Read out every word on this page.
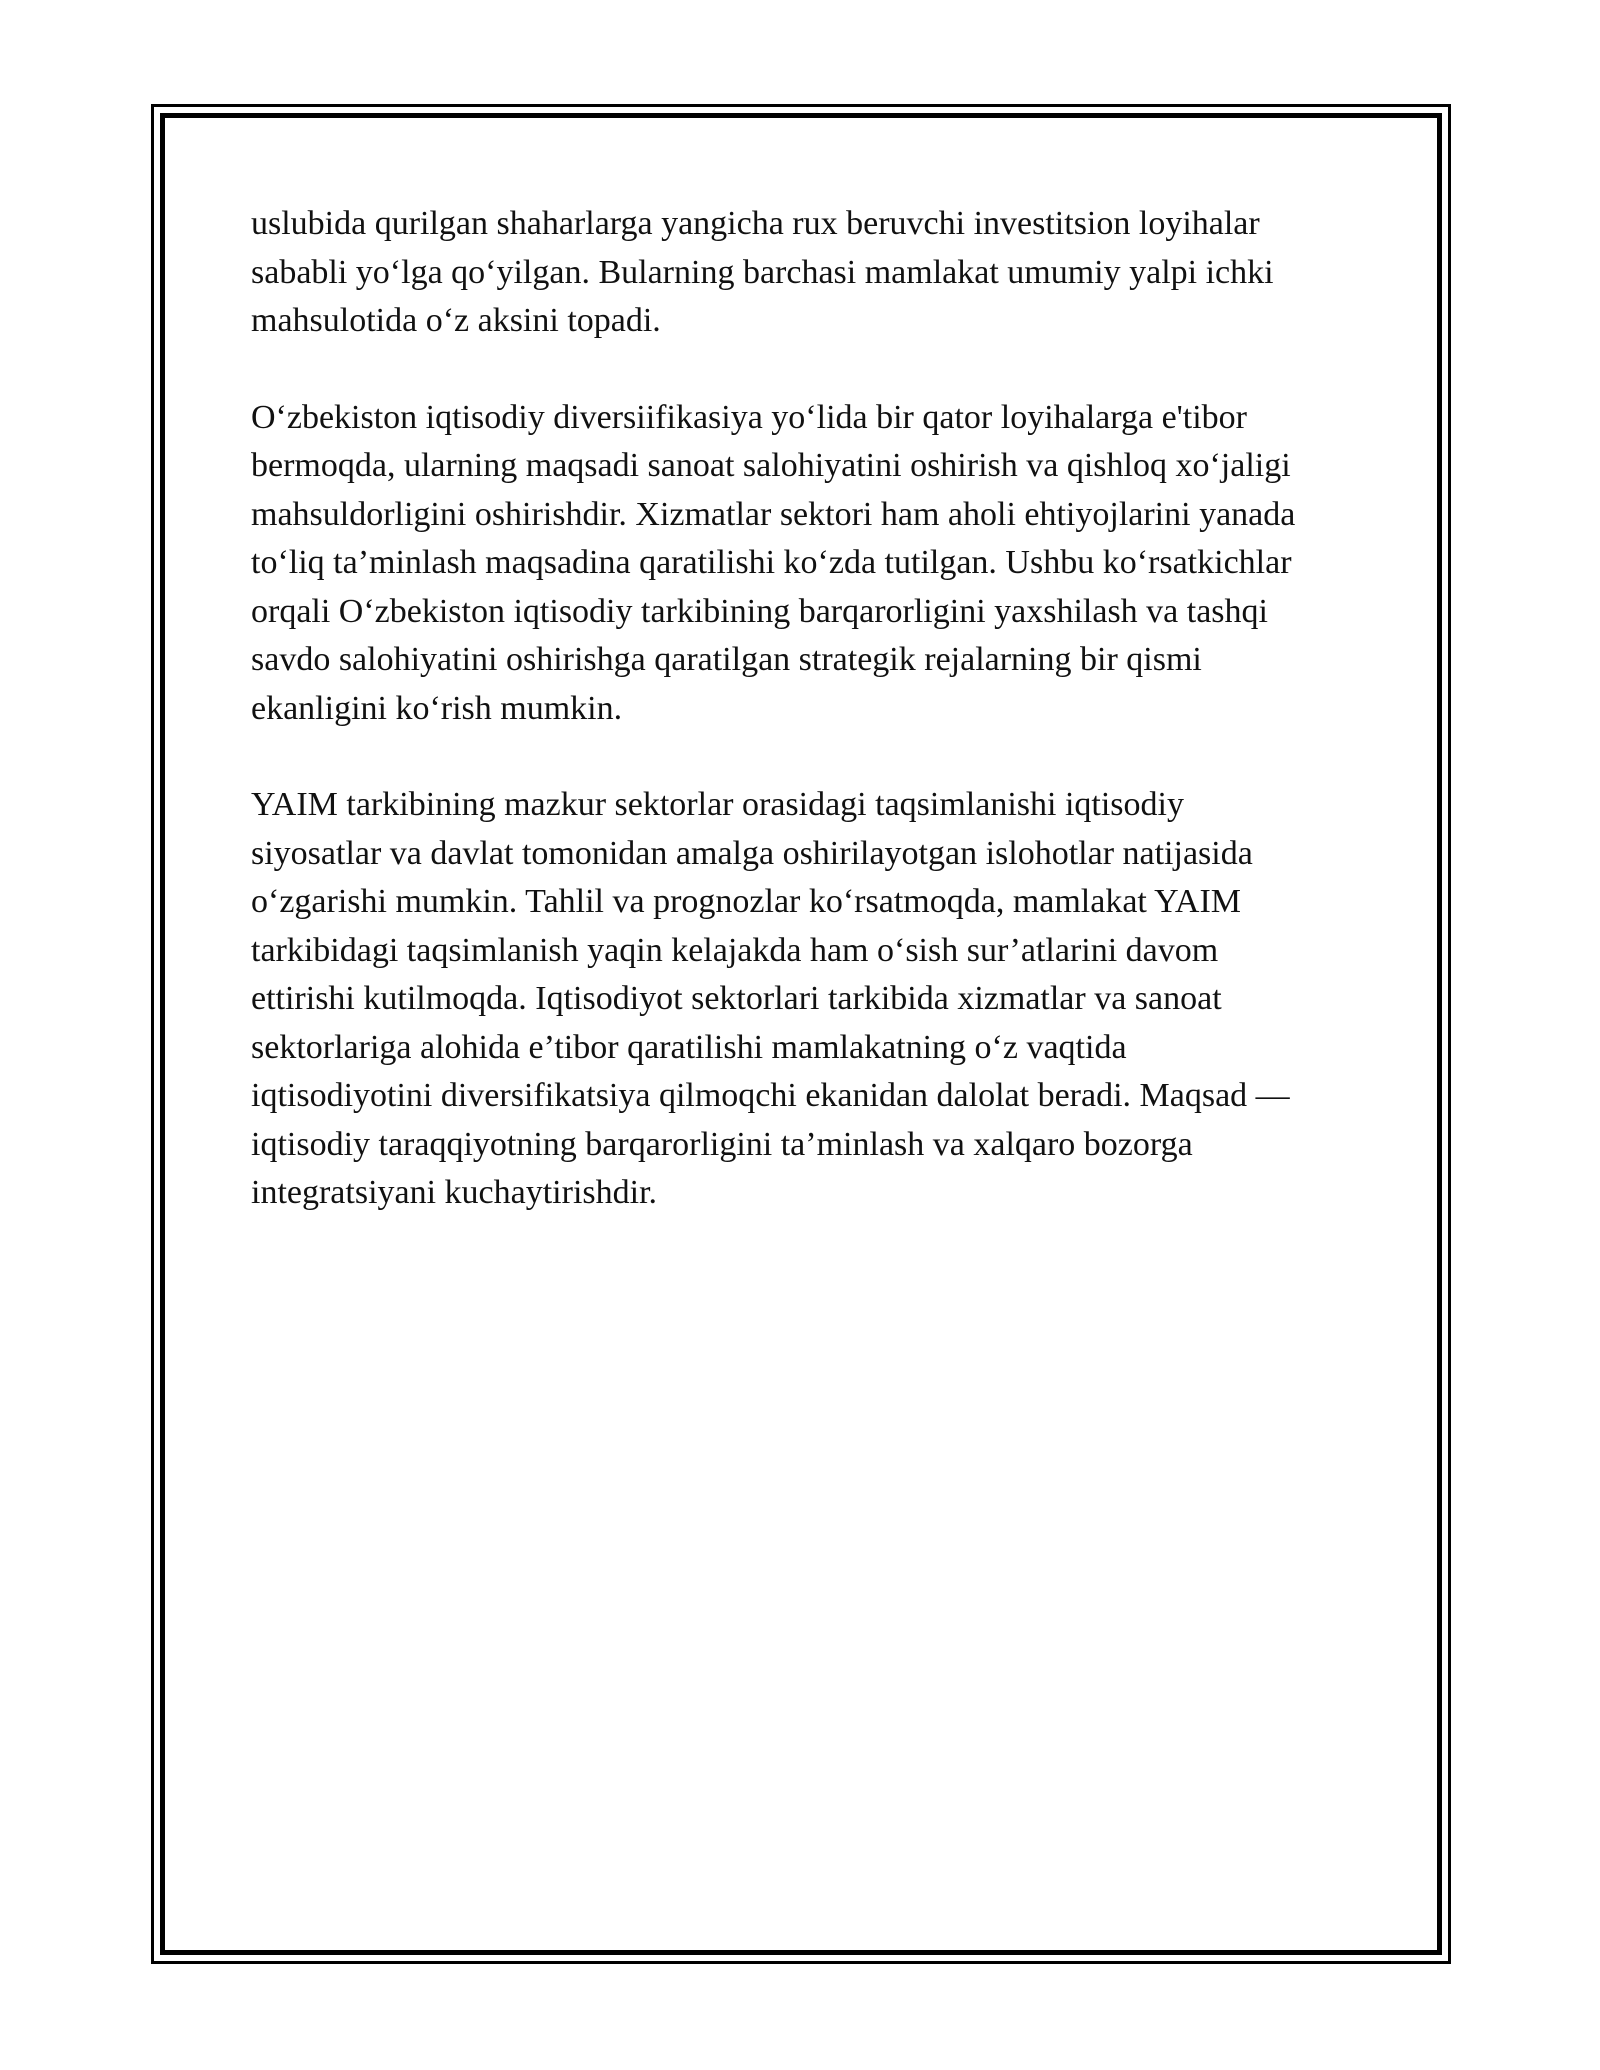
uslubida qurilgan shaharlarga yangicha rux beruvchi investitsion loyihalar
sababli yo‘lga qo‘yilgan. Bularning barchasi mamlakat umumiy yalpi ichki
mahsulotida o‘z aksini topadi.

O‘zbekiston iqtisodiy diversiifikasiya yo‘lida bir qator loyihalarga e'tibor
bermoqda, ularning maqsadi sanoat salohiyatini oshirish va qishloq xo‘jaligi
mahsuldorligini oshirishdir. Xizmatlar sektori ham aholi ehtiyojlarini yanada
to‘liq ta’minlash maqsadina qaratilishi ko‘zda tutilgan. Ushbu ko‘rsatkichlar
orqali O‘zbekiston iqtisodiy tarkibining barqarorligini yaxshilash va tashqi
savdo salohiyatini oshirishga qaratilgan strategik rejalarning bir qismi
ekanligini ko‘rish mumkin.

YAIM tarkibining mazkur sektorlar orasidagi taqsimlanishi iqtisodiy
siyosatlar va davlat tomonidan amalga oshirilayotgan islohotlar natijasida
o‘zgarishi mumkin. Tahlil va prognozlar ko‘rsatmoqda, mamlakat YAIM
tarkibidagi taqsimlanish yaqin kelajakda ham o‘sish sur’atlarini davom
ettirishi kutilmoqda. Iqtisodiyot sektorlari tarkibida xizmatlar va sanoat
sektorlariga alohida e’tibor qaratilishi mamlakatning o‘z vaqtida
iqtisodiyotini diversifikatsiya qilmoqchi ekanidan dalolat beradi. Maqsad —
iqtisodiy taraqqiyotning barqarorligini ta’minlash va xalqaro bozorga
integratsiyani kuchaytirishdir.
